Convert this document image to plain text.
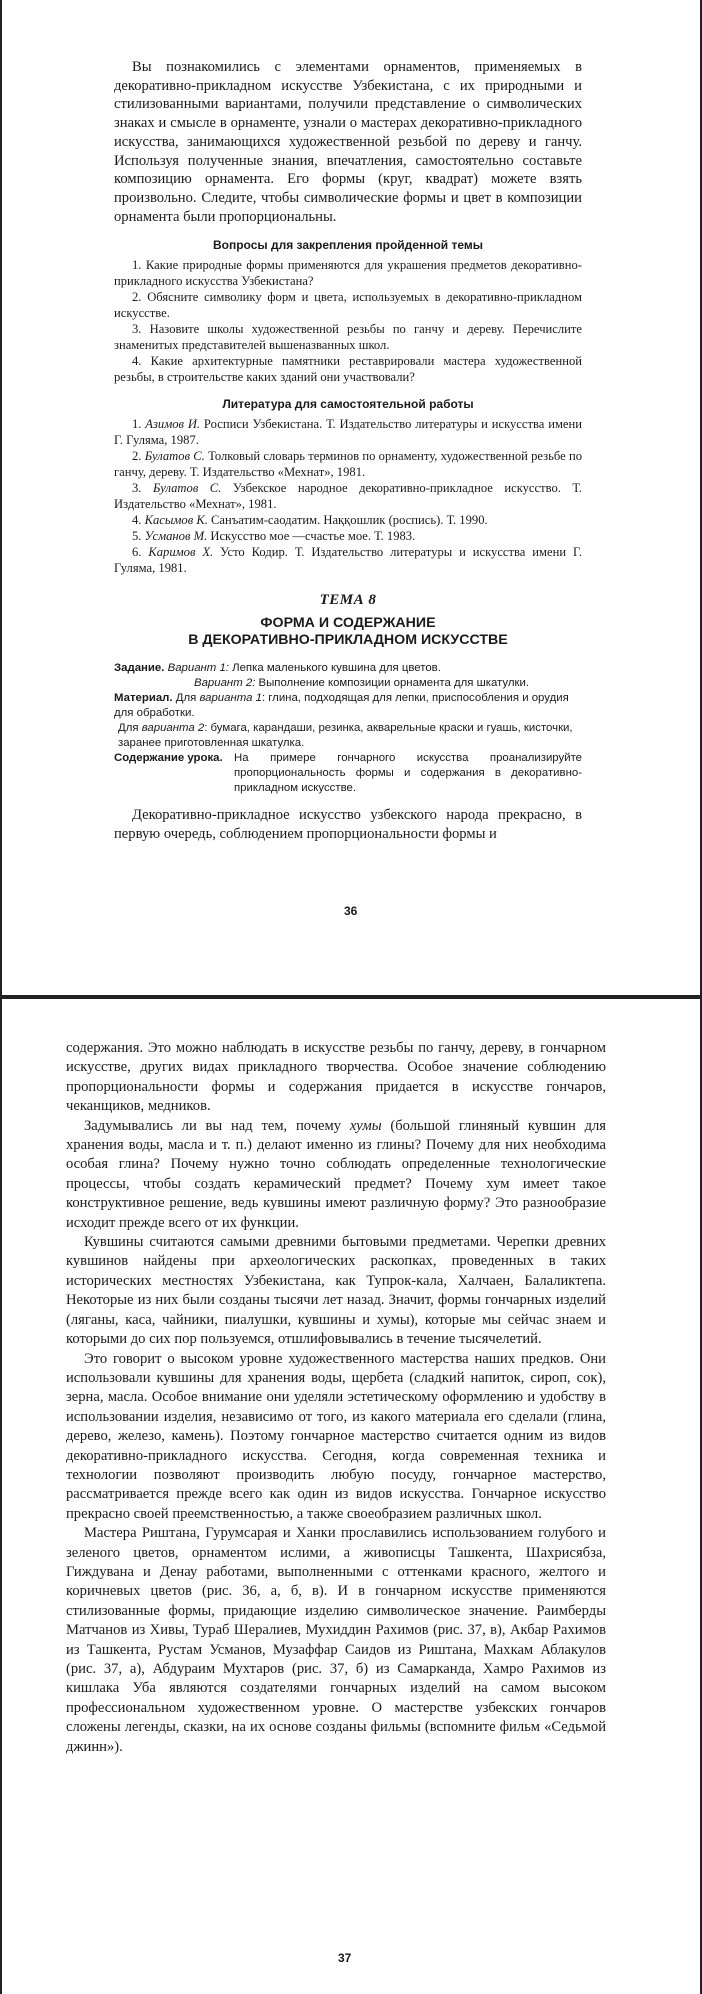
Вы познакомились с элементами орнаментов, применяемых в декоративно-прикладном искусстве Узбекистана, с их природными и стилизованными вариантами, получили представление о символических знаках и смысле в орнаменте, узнали о мастерах декоративно-прикладного искусства, занимающихся художественной резьбой по дереву и ганчу. Используя полученные знания, впечатления, самостоятельно составьте композицию орнамента. Его формы (круг, квадрат) можете взять произвольно. Следите, чтобы символические формы и цвет в композиции орнамента были пропорциональны.

Вопросы для закрепления пройденной темы
1. Какие природные формы применяются для украшения предметов декоративно-прикладного искусства Узбекистана?
2. Обясните символику форм и цвета, используемых в декоративно-прикладном искусстве.
3. Назовите школы художественной резьбы по ганчу и дереву. Перечислите знаменитых представителей вышеназванных школ.
4. Какие архитектурные памятники реставрировали мастера художественной резьбы, в строительстве каких зданий они участвовали?
Литература для самостоятельной работы
1. Азимов И. Росписи Узбекистана. Т. Издательство литературы и искусства имени Г. Гуляма, 1987.
2. Булатов С. Толковый словарь терминов по орнаменту, художественной резьбе по ганчу, дереву. Т. Издательство «Мехнат», 1981.
3. Булатов С. Узбекское народное декоративно-прикладное искусство. Т. Издательство «Мехнат», 1981.
4. Касымов К. Санъатим-саодатим. Наққошлик (роспись). Т. 1990.
5. Усманов М. Искусство мое —счастье мое. Т. 1983.
6. Каримов Х. Усто Кодир. Т. Издательство литературы и искусства имени Г. Гуляма, 1981.
ТЕМА 8
ФОРМА И СОДЕРЖАНИЕ
В ДЕКОРАТИВНО-ПРИКЛАДНОМ ИСКУССТВЕ

Задание. Вариант 1: Лепка маленького кувшина для цветов.

Вариант 2: Выполнение композиции орнамента для шкатулки.

Материал. Для варианта 1: глина, подходящая для лепки, приспособления и орудия для обработки.

Для варианта 2: бумага, карандаши, резинка, акварельные краски и гуашь, кисточки, заранее приготовленная шкатулка.

Содержание урока. На примере гончарного искусства проанализируйте пропорциональность формы и содержания в декоративно-прикладном искусстве.

Декоративно-прикладное искусство узбекского народа прекрасно, в первую очередь, соблюдением пропорциональности формы и

36

содержания. Это можно наблюдать в искусстве резьбы по ганчу, дереву, в гончарном искусстве, других видах прикладного творчества. Особое значение соблюдению пропорциональности формы и содержания придается в искусстве гончаров, чеканщиков, медников.

Задумывались ли вы над тем, почему хумы (большой глиняный кувшин для хранения воды, масла и т. п.) делают именно из глины? Почему для них необходима особая глина? Почему нужно точно соблюдать определенные технологические процессы, чтобы создать керамический предмет? Почему хум имеет такое конструктивное решение, ведь кувшины имеют различную форму? Это разнообразие исходит прежде всего от их функции.

Кувшины считаются самыми древними бытовыми предметами. Черепки древних кувшинов найдены при археологических раскопках, проведенных в таких исторических местностях Узбекистана, как Тупрок-кала, Халчаен, Балаликтепа. Некоторые из них были созданы тысячи лет назад. Значит, формы гончарных изделий (ляганы, каса, чайники, пиалушки, кувшины и хумы), которые мы сейчас знаем и которыми до сих пор пользуемся, отшлифовывались в течение тысячелетий.

Это говорит о высоком уровне художественного мастерства наших предков. Они использовали кувшины для хранения воды, щербета (сладкий напиток, сироп, сок), зерна, масла. Особое внимание они уделяли эстетическому оформлению и удобству в использовании изделия, независимо от того, из какого материала его сделали (глина, дерево, железо, камень). Поэтому гончарное мастерство считается одним из видов декоративно-прикладного искусства. Сегодня, когда современная техника и технологии позволяют производить любую посуду, гончарное мастерство, рассматривается прежде всего как один из видов искусства. Гончарное искусство прекрасно своей преемственностью, а также своеобразием различных школ.

Мастера Риштана, Гурумсарая и Ханки прославились использованием голубого и зеленого цветов, орнаментом ислими, а живописцы Ташкента, Шахрисябза, Гиждувана и Денау работами, выполненными с оттенками красного, желтого и коричневых цветов (рис. 36, а, б, в). И в гончарном искусстве применяются стилизованные формы, придающие изделию символическое значение. Раимберды Матчанов из Хивы, Тураб Шералиев, Мухиддин Рахимов (рис. 37, в), Акбар Рахимов из Ташкента, Рустам Усманов, Музаффар Саидов из Риштана, Махкам Аблакулов (рис. 37, а), Абдураим Мухтаров (рис. 37, б) из Самарканда, Хамро Рахимов из кишлака Уба являются создателями гончарных изделий на самом высоком профессиональном художественном уровне. О мастерстве узбекских гончаров сложены легенды, сказки, на их основе созданы фильмы (вспомните фильм «Седьмой джинн»).

37
